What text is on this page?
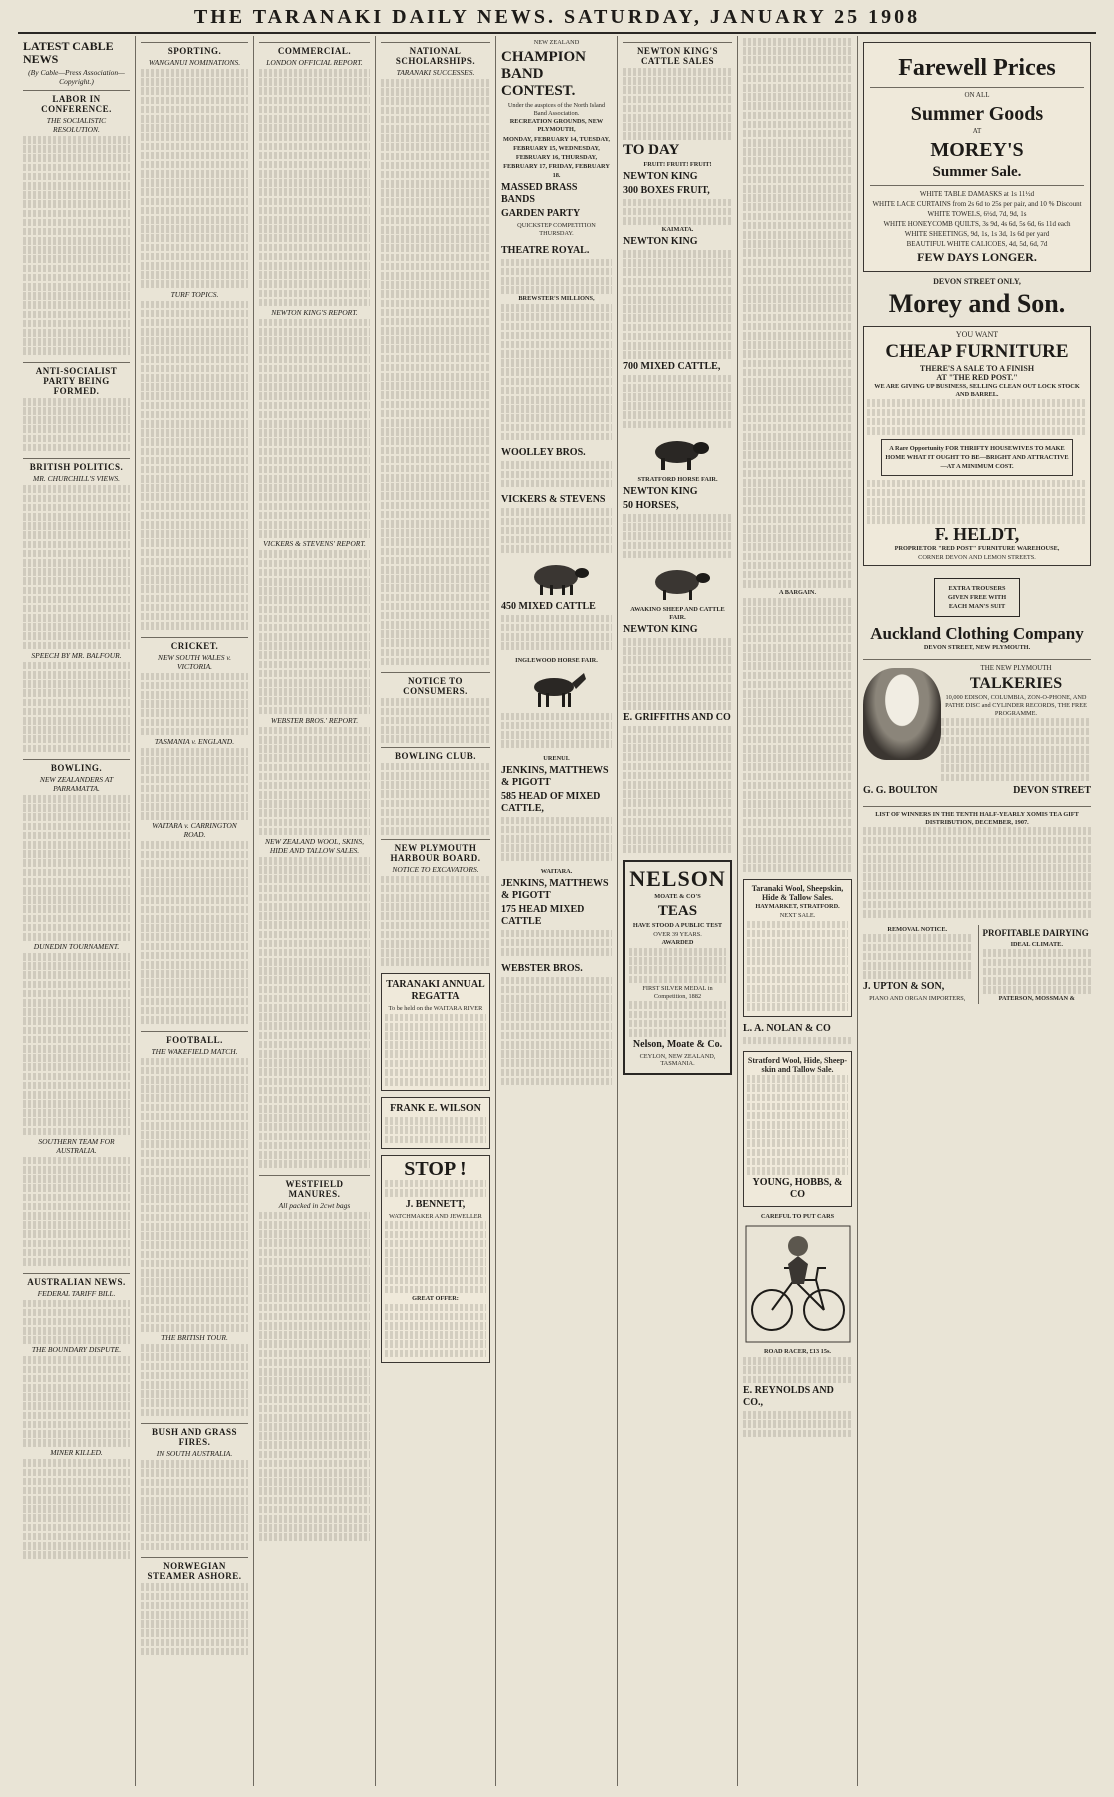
THE TARANAKI DAILY NEWS. SATURDAY, JANUARY 25 1908
LATEST CABLE NEWS
(By Cable—Press Association—Copyright.)
LABOR IN CONFERENCE.
THE SOCIALISTIC RESOLUTION.
ANTI-SOCIALIST PARTY BEING FORMED.
BRITISH POLITICS.
MR. CHURCHILL'S VIEWS.
SPEECH BY MR. BALFOUR.
BOWLING.
NEW ZEALANDERS AT PARRAMATTA.
DUNEDIN TOURNAMENT.
SOUTHERN TEAM FOR AUSTRALIA.
AUSTRALIAN NEWS.
FEDERAL TARIFF BILL.
THE BOUNDARY DISPUTE.
MINER KILLED.
SPORTING.
WANGANUI NOMINATIONS.
TURF TOPICS.
CRICKET.
NEW SOUTH WALES v. VICTORIA.
TASMANIA v. ENGLAND.
WAITARA v. CARRINGTON ROAD.
FOOTBALL.
THE WAKEFIELD MATCH.
THE BRITISH TOUR.
BUSH AND GRASS FIRES.
IN SOUTH AUSTRALIA.
NORWEGIAN STEAMER ASHORE.
COMMERCIAL.
LONDON OFFICIAL REPORT.
NEWTON KING'S REPORT.
VICKERS & STEVENS' REPORT.
WEBSTER BROS.' REPORT.
NEW ZEALAND WOOL, SKINS, HIDE AND TALLOW SALES.
WESTFIELD MANURES.
All packed in 2cwt bags
NATIONAL SCHOLARSHIPS.
TARANAKI SUCCESSES.
NOTICE TO CONSUMERS.
BOWLING CLUB.
NEW PLYMOUTH HARBOUR BOARD.
NOTICE TO EXCAVATORS.
TARANAKI ANNUAL REGATTA
To be held on the WAITARA RIVER
FRANK E. WILSON
STOP !
J. BENNETT,
WATCHMAKER AND JEWELLER
GREAT OFFER:
NEW ZEALAND
CHAMPION BAND CONTEST.
Under the auspices of the North Island Band Association.
RECREATION GROUNDS, NEW PLYMOUTH,
MONDAY, FEBRUARY 14, TUESDAY, FEBRUARY 15, WEDNESDAY, FEBRUARY 16, THURSDAY, FEBRUARY 17, FRIDAY, FEBRUARY 18.
MASSED BRASS BANDS
GARDEN PARTY
QUICKSTEP COMPETITION THURSDAY.
THEATRE ROYAL.
BREWSTER'S MILLIONS,
WOOLLEY BROS.
VICKERS & STEVENS
450 MIXED CATTLE
INGLEWOOD HORSE FAIR.
URENUI.
JENKINS, MATTHEWS & PIGOTT
585 HEAD OF MIXED CATTLE,
WAITARA.
JENKINS, MATTHEWS & PIGOTT
175 HEAD MIXED CATTLE
WEBSTER BROS.
NEWTON KING'S CATTLE SALES
TO DAY
FRUIT! FRUIT! FRUIT!
NEWTON KING
300 BOXES FRUIT,
KAIMATA.
NEWTON KING
700 MIXED CATTLE,
STRATFORD HORSE FAIR.
NEWTON KING
50 HORSES,
AWAKINO SHEEP AND CATTLE FAIR.
NEWTON KING
E. GRIFFITHS AND CO
NELSON
MOATE & CO'S
TEAS
HAVE STOOD A PUBLIC TEST
OVER 39 YEARS.
AWARDED
FIRST SILVER MEDAL in Competition, 1882
Nelson, Moate & Co.
CEYLON, NEW ZEALAND, TASMANIA.
A BARGAIN.
Taranaki Wool, Sheepskin, Hide & Tallow Sales.
HAYMARKET, STRATFORD.
NEXT SALE.
L. A. NOLAN & CO
Stratford Wool, Hide, Sheep-skin and Tallow Sale.
YOUNG, HOBBS, & CO
CAREFUL TO PUT CARS
ROAD RACER, £13 15s.
E. REYNOLDS AND CO.,
Farewell Prices
ON ALL
Summer Goods
AT
MOREY'S
Summer Sale.
WHITE TABLE DAMASKS at 1s 11½d
WHITE LACE CURTAINS from 2s 6d to 25s per pair, and 10 % Discount
WHITE TOWELS, 6½d, 7d, 9d, 1s
WHITE HONEYCOMB QUILTS, 3s 9d, 4s 6d, 5s 6d, 6s 11d each
WHITE SHEETINGS, 9d, 1s, 1s 3d, 1s 6d per yard
BEAUTIFUL WHITE CALICOES, 4d, 5d, 6d, 7d
FEW DAYS LONGER.
DEVON STREET ONLY,
Morey and Son.
YOU WANT
CHEAP FURNITURE
THERE'S A SALE TO A FINISH
AT "THE RED POST."
WE ARE GIVING UP BUSINESS, SELLING CLEAN OUT LOCK STOCK AND BARREL.
A Rare Opportunity FOR THRIFTY HOUSEWIVES TO MAKE HOME WHAT IT OUGHT TO BE—BRIGHT AND ATTRACTIVE—AT A MINIMUM COST.
F. HELDT,
PROPRIETOR "RED POST" FURNITURE WAREHOUSE,
CORNER DEVON AND LEMON STREETS.
EXTRA TROUSERS GIVEN FREE WITH EACH MAN'S SUIT
Auckland Clothing Company
DEVON STREET, NEW PLYMOUTH.
THE NEW PLYMOUTH
TALKERIES
10,000 EDISON, COLUMBIA, ZON-O-PHONE, AND PATHE DISC and CYLINDER RECORDS, THE FREE PROGRAMME.
G. G. BOULTON	DEVON STREET
LIST OF WINNERS IN THE TENTH HALF-YEARLY XOMIS TEA GIFT DISTRIBUTION, DECEMBER, 1907.
REMOVAL NOTICE.
J. UPTON & SON,
PIANO AND ORGAN IMPORTERS,
PROFITABLE DAIRYING
IDEAL CLIMATE.
PATERSON, MOSSMAN &
